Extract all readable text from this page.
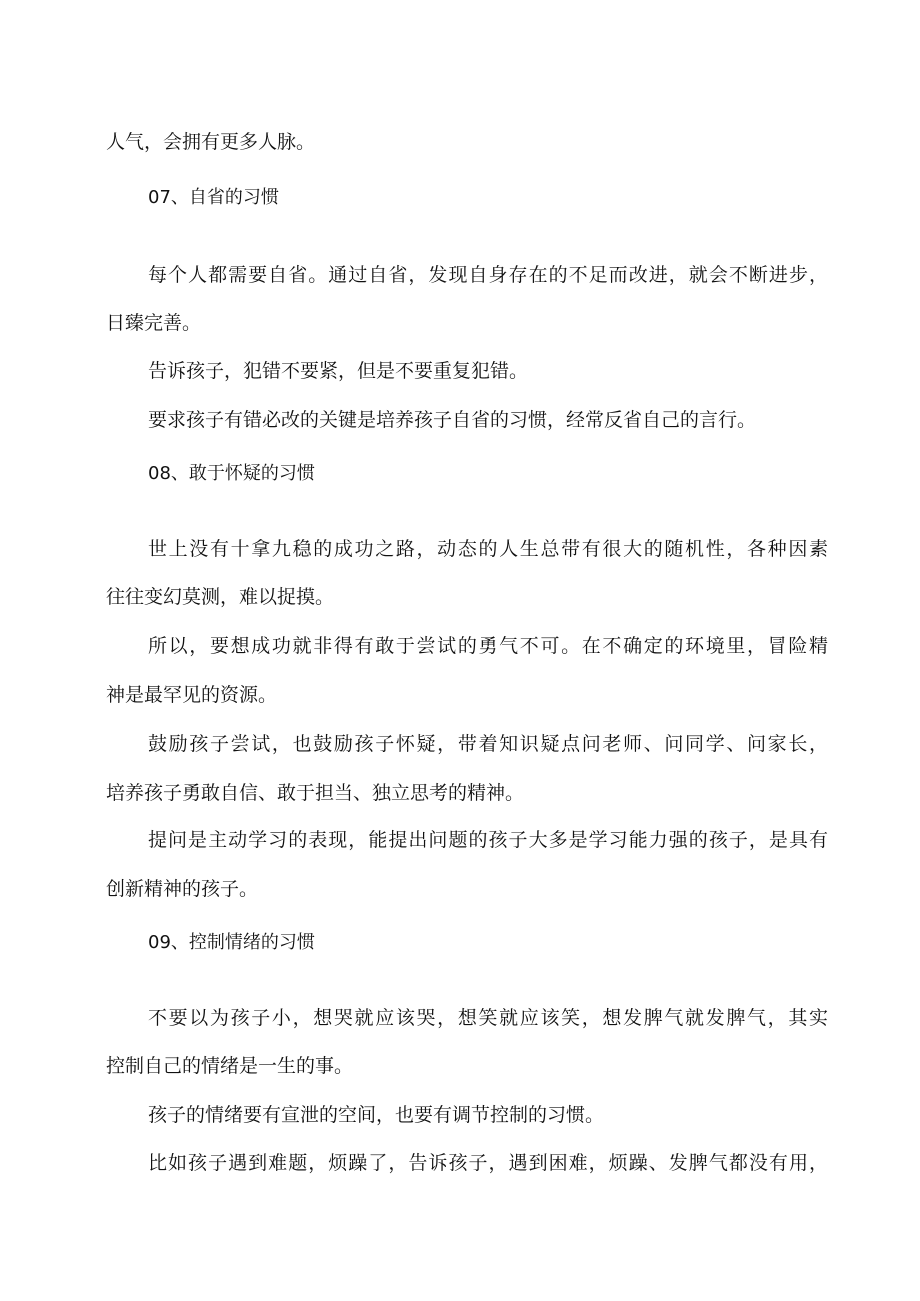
人气，会拥有更多人脉。
07、自省的习惯
每个人都需要自省。通过自省，发现自身存在的不足而改进，就会不断进步，
日臻完善。
告诉孩子，犯错不要紧，但是不要重复犯错。
要求孩子有错必改的关键是培养孩子自省的习惯，经常反省自己的言行。
08、敢于怀疑的习惯
世上没有十拿九稳的成功之路，动态的人生总带有很大的随机性，各种因素
往往变幻莫测，难以捉摸。
所以，要想成功就非得有敢于尝试的勇气不可。在不确定的环境里，冒险精
神是最罕见的资源。
鼓励孩子尝试，也鼓励孩子怀疑，带着知识疑点问老师、问同学、问家长，
培养孩子勇敢自信、敢于担当、独立思考的精神。
提问是主动学习的表现，能提出问题的孩子大多是学习能力强的孩子，是具有
创新精神的孩子。
09、控制情绪的习惯
不要以为孩子小，想哭就应该哭，想笑就应该笑，想发脾气就发脾气，其实
控制自己的情绪是一生的事。
孩子的情绪要有宣泄的空间，也要有调节控制的习惯。
比如孩子遇到难题，烦躁了，告诉孩子，遇到困难，烦躁、发脾气都没有用，
